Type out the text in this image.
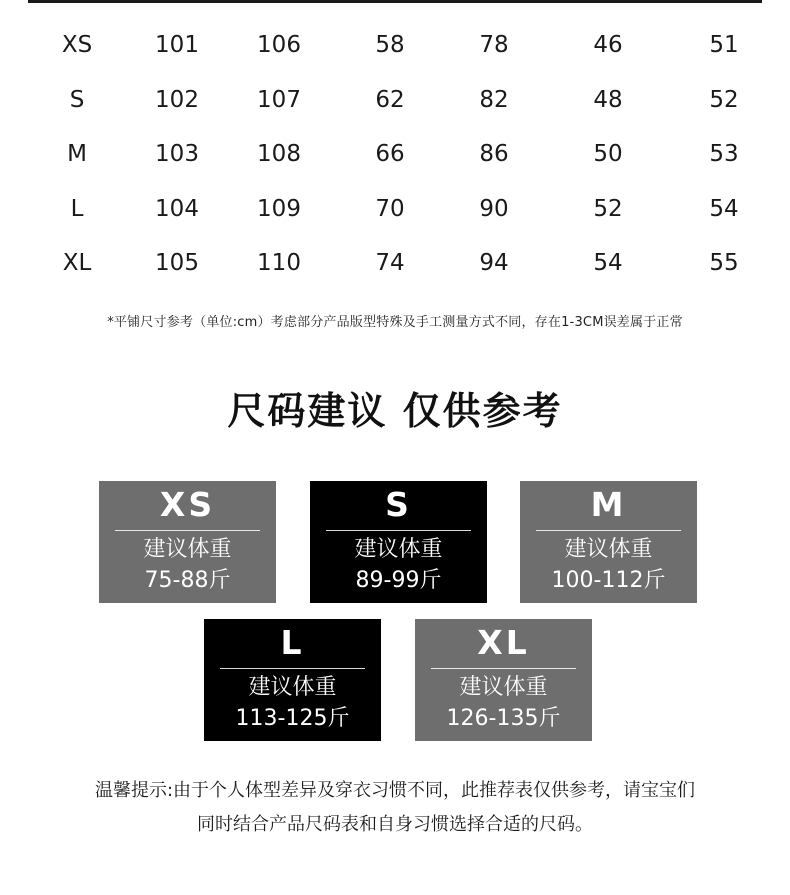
XS	101	106	58	78	46	51
S	102	107	62	82	48	52
M	103	108	66	86	50	53
L	104	109	70	90	52	54
XL	105	110	74	94	54	55
*平铺尺寸参考（单位:cm）考虑部分产品版型特殊及手工测量方式不同，存在1-3CM误差属于正常
尺码建议 仅供参考
XS
建议体重
75-88斤
S
建议体重
89-99斤
M
建议体重
100-112斤
L
建议体重
113-125斤
XL
建议体重
126-135斤
温馨提示:由于个人体型差异及穿衣习惯不同，此推荐表仅供参考，请宝宝们
同时结合产品尺码表和自身习惯选择合适的尺码。
